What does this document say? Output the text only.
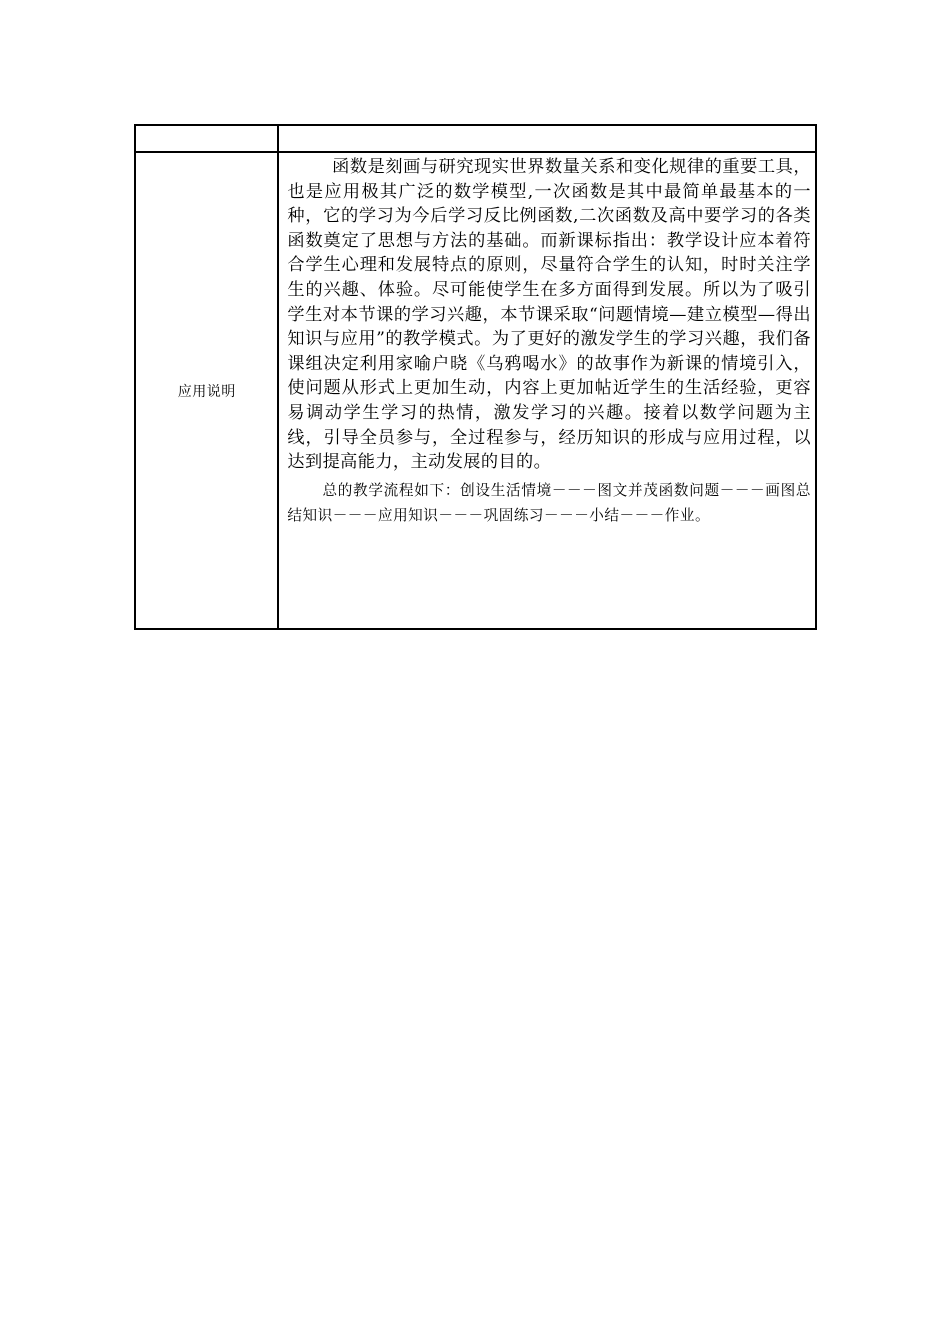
应用说明	函数是刻画与研究现实世界数量关系和变化规律的重要工具，也是应用极其广泛的数学模型,一次函数是其中最简单最基本的一种，它的学习为今后学习反比例函数,二次函数及高中要学习的各类函数奠定了思想与方法的基础。而新课标指出：教学设计应本着符合学生心理和发展特点的原则，尽量符合学生的认知，时时关注学生的兴趣、体验。尽可能使学生在多方面得到发展。所以为了吸引学生对本节课的学习兴趣，本节课采取“问题情境—建立模型—得出知识与应用”的教学模式。为了更好的激发学生的学习兴趣，我们备课组决定利用家喻户晓《乌鸦喝水》的故事作为新课的情境引入，使问题从形式上更加生动，内容上更加帖近学生的生活经验，更容易调动学生学习的热情，激发学习的兴趣。接着以数学问题为主线，引导全员参与，全过程参与，经历知识的形成与应用过程，以达到提高能力，主动发展的目的。

总的教学流程如下：创设生活情境－－－图文并茂函数问题－－－画图总结知识－－－应用知识－－－巩固练习－－－小结－－－作业。
